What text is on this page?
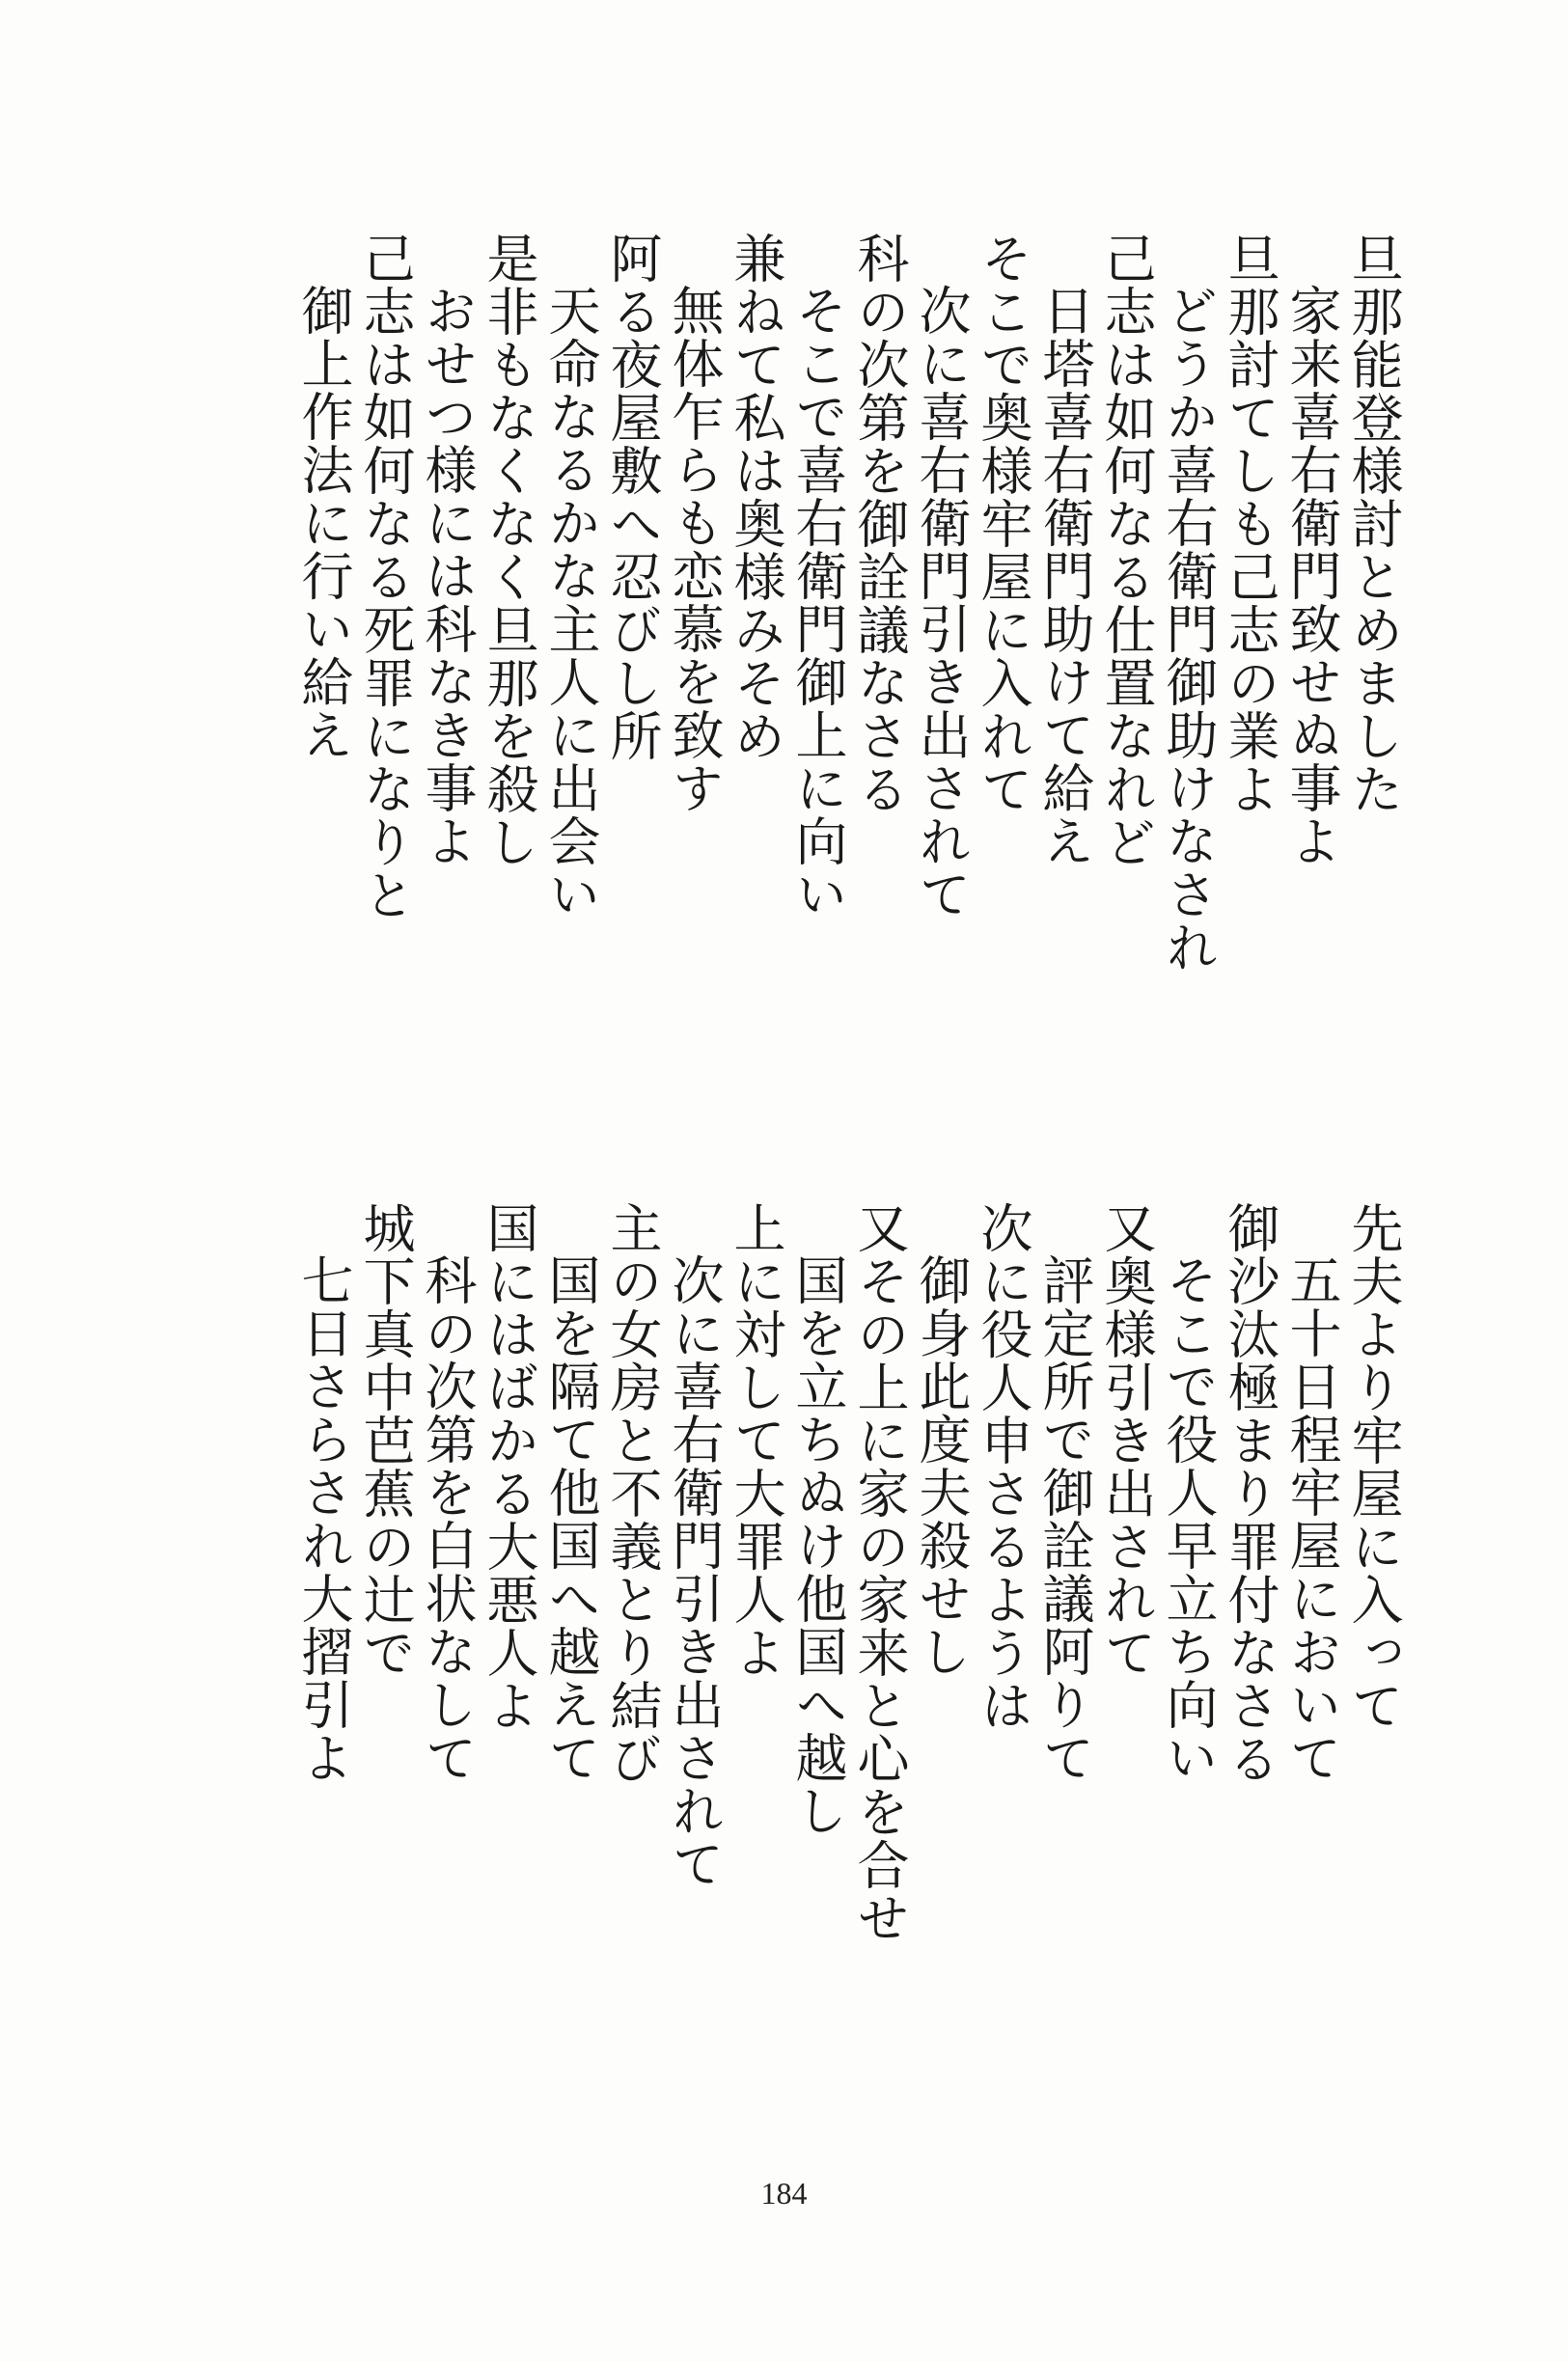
旦那能登様討とめました
家来喜右衛門致せぬ事よ
旦那討てしも己志の業よ
どうか喜右衛門御助けなされ
己志は如何なる仕置なれど
日塔喜右衛門助けて給え
そこで奥様牢屋に入れて
次に喜右衛門引き出されて
科の次第を御詮議なさる
そこで喜右衛門御上に向い
兼ねて私は奥様みそめ
無体乍らも恋慕を致す
阿る夜屋敷へ忍びし所
天命なるかな主人に出会い
是非もなくなく旦那を殺し
おせつ様には科なき事よ
己志は如何なる死罪になりと
御上作法に行い給え
先夫より牢屋に入って
五十日程牢屋において
御沙汰極まり罪付なさる
そこで役人早立ち向い
又奥様引き出されて
評定所で御詮議阿りて
次に役人申さるようは
御身此度夫殺せし
又その上に家の家来と心を合せ
国を立ちぬけ他国へ越し
上に対して大罪人よ
次に喜右衛門引き出されて
主の女房と不義とり結び
国を隔て他国へ越えて
国にはばかる大悪人よ
科の次第を白状なして
城下真中芭蕉の辻で
七日さらされ大摺引よ
184
